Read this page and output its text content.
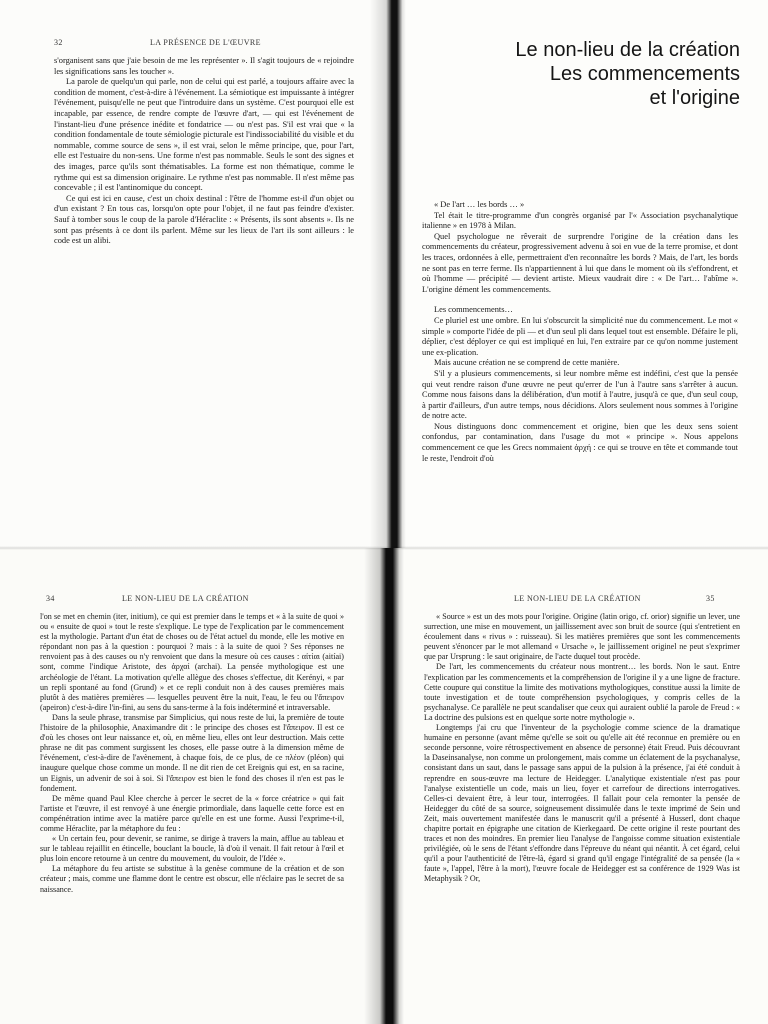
32	LA PRÉSENCE DE L'ŒUVRE

s'organisent sans que j'aie besoin de me les représenter ». Il s'agit toujours de « rejoindre les significations sans les toucher ».

La parole de quelqu'un qui parle, non de celui qui est parlé, a toujours affaire avec la condition de moment, c'est-à-dire à l'événement. La sémiotique est impuissante à intégrer l'événement, puisqu'elle ne peut que l'introduire dans un système. C'est pourquoi elle est incapable, par essence, de rendre compte de l'œuvre d'art, — qui est l'événement de l'instant-lieu d'une présence inédite et fondatrice — ou n'est pas. S'il est vrai que « la condition fondamentale de toute sémiologie picturale est l'indissociabilité du visible et du nommable, comme source de sens », il est vrai, selon le même principe, que, pour l'art, elle est l'estuaire du non-sens. Une forme n'est pas nommable. Seuls le sont des signes et des images, parce qu'ils sont thématisables. La forme est non thématique, comme le rythme qui est sa dimension originaire. Le rythme n'est pas nommable. Il n'est même pas concevable ; il est l'antinomique du concept.

Ce qui est ici en cause, c'est un choix destinal : l'être de l'homme est-il d'un objet ou d'un existant ? En tous cas, lorsqu'on opte pour l'objet, il ne faut pas feindre d'exister. Sauf à tomber sous le coup de la parole d'Héraclite : « Présents, ils sont absents ». Ils ne sont pas présents à ce dont ils parlent. Même sur les lieux de l'art ils sont ailleurs : le code est un alibi.

Le non-lieu de la création
Les commencements
et l'origine

« De l'art … les bords … »

Tel était le titre-programme d'un congrès organisé par l'« Association psychanalytique italienne » en 1978 à Milan.

Quel psychologue ne rêverait de surprendre l'origine de la création dans les commencements du créateur, progressivement advenu à soi en vue de la terre promise, et dont les traces, ordonnées à elle, permettraient d'en reconnaître les bords ? Mais, de l'art, les bords ne sont pas en terre ferme. Ils n'appartiennent à lui que dans le moment où ils s'effondrent, et où l'homme — précipité — devient artiste. Mieux vaudrait dire : « De l'art… l'abîme ». L'origine dément les commencements.

Les commencements…

Ce pluriel est une ombre. En lui s'obscurcit la simplicité nue du commencement. Le mot « simple » comporte l'idée de pli — et d'un seul pli dans lequel tout est ensemble. Défaire le pli, déplier, c'est déployer ce qui est impliqué en lui, l'en extraire par ce qu'on nomme justement une ex-plication.

Mais aucune création ne se comprend de cette manière.

S'il y a plusieurs commencements, si leur nombre même est indéfini, c'est que la pensée qui veut rendre raison d'une œuvre ne peut qu'errer de l'un à l'autre sans s'arrêter à aucun. Comme nous faisons dans la délibération, d'un motif à l'autre, jusqu'à ce que, d'un seul coup, à partir d'ailleurs, d'un autre temps, nous décidions. Alors seulement nous sommes à l'origine de notre acte.

Nous distinguons donc commencement et origine, bien que les deux sens soient confondus, par contamination, dans l'usage du mot « principe ». Nous appelons commencement ce que les Grecs nommaient ἀρχή : ce qui se trouve en tête et commande tout le reste, l'endroit d'où

34	LE NON-LIEU DE LA CRÉATION

l'on se met en chemin (iter, initium), ce qui est premier dans le temps et « à la suite de quoi » ou « ensuite de quoi » tout le reste s'explique. Le type de l'explication par le commencement est la mythologie. Partant d'un état de choses ou de l'état actuel du monde, elle les motive en répondant non pas à la question : pourquoi ? mais : à la suite de quoi ? Ses réponses ne renvoient pas à des causes ou n'y renvoient que dans la mesure où ces causes : αἰτίαι (aitíai) sont, comme l'indique Aristote, des ἀρχαί (archai). La pensée mythologique est une archéologie de l'étant. La motivation qu'elle allègue des choses s'effectue, dit Kerényi, « par un repli spontané au fond (Grund) » et ce repli conduit non à des causes premières mais plutôt à des matières premières — lesquelles peuvent être la nuit, l'eau, le feu ou l'ἄπειρον (apeiron) c'est-à-dire l'in-fini, au sens du sans-terme à la fois indéterminé et intraversable.

Dans la seule phrase, transmise par Simplicius, qui nous reste de lui, la première de toute l'histoire de la philosophie, Anaximandre dit : le principe des choses est l'ἄπειρον. Il est ce d'où les choses ont leur naissance et, où, en même lieu, elles ont leur destruction. Mais cette phrase ne dit pas comment surgissent les choses, elle passe outre à la dimension même de l'événement, c'est-à-dire de l'avènement, à chaque fois, de ce plus, de ce πλέον (pléon) qui inaugure quelque chose comme un monde. Il ne dit rien de cet Ereignis qui est, en sa racine, un Eignis, un advenir de soi à soi. Si l'ἄπειρον est bien le fond des choses il n'en est pas le fondement.

De même quand Paul Klee cherche à percer le secret de la « force créatrice » qui fait l'artiste et l'œuvre, il est renvoyé à une énergie primordiale, dans laquelle cette force est en compénétration intime avec la matière parce qu'elle en est une forme. Aussi l'exprime-t-il, comme Héraclite, par la métaphore du feu :

« Un certain feu, pour devenir, se ranime, se dirige à travers la main, afflue au tableau et sur le tableau rejaillit en étincelle, bouclant la boucle, là d'où il venait. Il fait retour à l'œil et plus loin encore retourne à un centre du mouvement, du vouloir, de l'Idée ».

La métaphore du feu artiste se substitue à la genèse commune de la création et de son créateur ; mais, comme une flamme dont le centre est obscur, elle n'éclaire pas le secret de sa naissance.

LE NON-LIEU DE LA CRÉATION	35

« Source » est un des mots pour l'origine. Origine (latin origo, cf. orior) signifie un lever, une surrection, une mise en mouvement, un jaillissement avec son bruit de source (qui s'entretient en écoulement dans « rivus » : ruisseau). Si les matières premières que sont les commencements peuvent s'énoncer par le mot allemand « Ursache », le jaillissement originel ne peut s'exprimer que par Ursprung : le saut originaire, de l'acte duquel tout procède.

De l'art, les commencements du créateur nous montrent… les bords. Non le saut. Entre l'explication par les commencements et la compréhension de l'origine il y a une ligne de fracture. Cette coupure qui constitue la limite des motivations mythologiques, constitue aussi la limite de toute investigation et de toute compréhension psychologiques, y compris celles de la psychanalyse. Ce parallèle ne peut scandaliser que ceux qui auraient oublié la parole de Freud : « La doctrine des pulsions est en quelque sorte notre mythologie ».

Longtemps j'ai cru que l'inventeur de la psychologie comme science de la dramatique humaine en personne (avant même qu'elle se soit ou qu'elle ait été reconnue en première ou en seconde personne, voire rétrospectivement en absence de personne) était Freud. Puis découvrant la Daseinsanalyse, non comme un prolongement, mais comme un éclatement de la psychanalyse, consistant dans un saut, dans le passage sans appui de la pulsion à la présence, j'ai été conduit à reprendre en sous-œuvre ma lecture de Heidegger. L'analytique existentiale n'est pas pour l'analyse existentielle un code, mais un lieu, foyer et carrefour de directions interrogatives. Celles-ci devaient être, à leur tour, interrogées. Il fallait pour cela remonter la pensée de Heidegger du côté de sa source, soigneusement dissimulée dans le texte imprimé de Sein und Zeit, mais ouvertement manifestée dans le manuscrit qu'il a présenté à Husserl, dont chaque chapitre portait en épigraphe une citation de Kierkegaard. De cette origine il reste pourtant des traces et non des moindres. En premier lieu l'analyse de l'angoisse comme situation existentiale privilégiée, où le sens de l'étant s'effondre dans l'épreuve du néant qui néantit. À cet égard, celui qu'il a pour l'authenticité de l'être-là, égard si grand qu'il engage l'intégralité de sa pensée (la « faute », l'appel, l'être à la mort), l'œuvre focale de Heidegger est sa conférence de 1929 Was ist Metaphysik ? Or,
